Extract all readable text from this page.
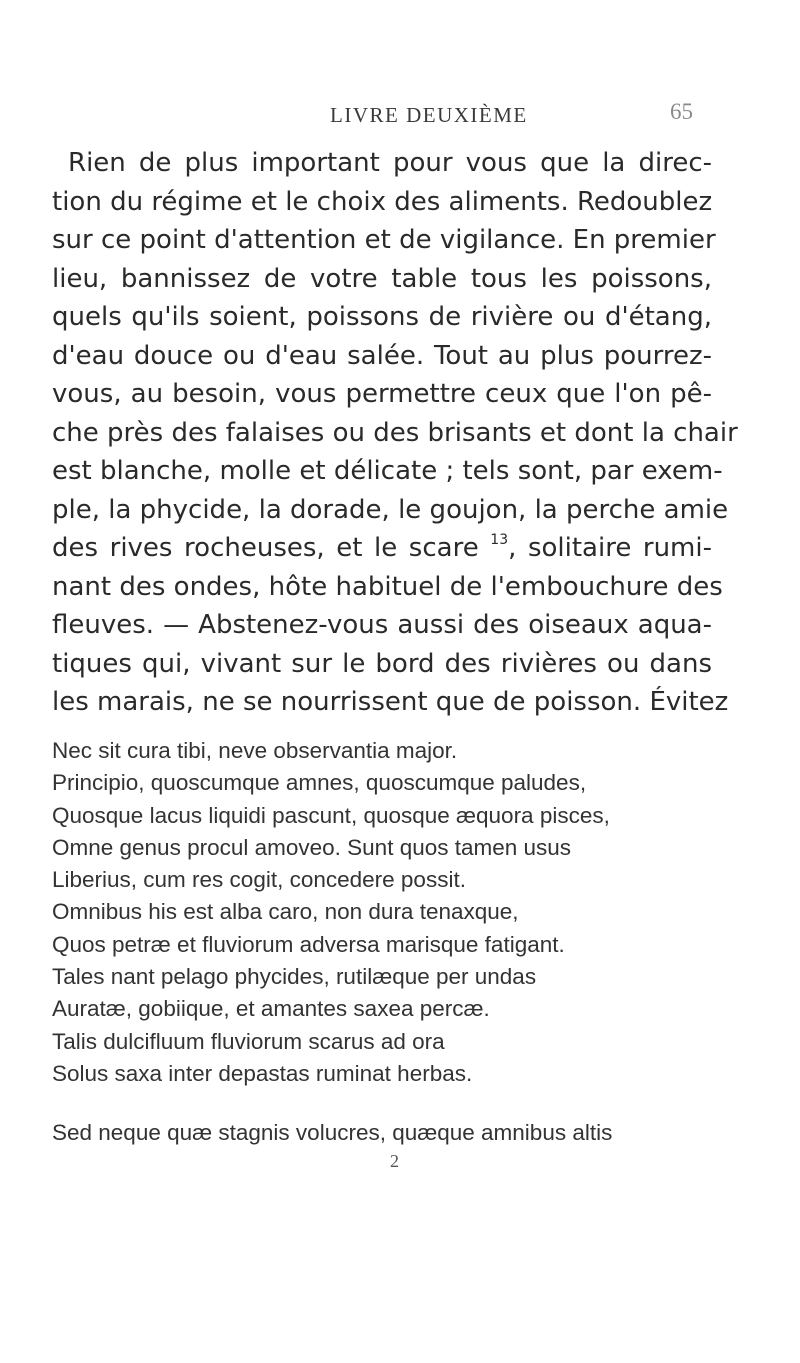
LIVRE DEUXIÈME	65
Rien de plus important pour vous que la direc-
tion du régime et le choix des aliments. Redoublez
sur ce point d'attention et de vigilance. En premier
lieu, bannissez de votre table tous les poissons,
quels qu'ils soient, poissons de rivière ou d'étang,
d'eau douce ou d'eau salée. Tout au plus pourrez-
vous, au besoin, vous permettre ceux que l'on pê-
che près des falaises ou des brisants et dont la chair
est blanche, molle et délicate ; tels sont, par exem-
ple, la phycide, la dorade, le goujon, la perche amie
des rives rocheuses, et le scare $^{13}$, solitaire rumi-
nant des ondes, hôte habituel de l'embouchure des
fleuves. — Abstenez-vous aussi des oiseaux aqua-
tiques qui, vivant sur le bord des rivières ou dans
les marais, ne se nourrissent que de poisson. Évitez
Nec sit cura tibi, neve observantia major.
Principio, quoscumque amnes, quoscumque paludes,
Quosque lacus liquidi pascunt, quosque æquora pisces,
Omne genus procul amoveo. Sunt quos tamen usus
Liberius, cum res cogit, concedere possit.
Omnibus his est alba caro, non dura tenaxque,
Quos petræ et fluviorum adversa marisque fatigant.
Tales nant pelago phycides, rutilæque per undas
Auratæ, gobiique, et amantes saxea percæ.
Talis dulcifluum fluviorum scarus ad ora
Solus saxa inter depastas ruminat herbas.
Sed neque quæ stagnis volucres, quæque amnibus altis
2
